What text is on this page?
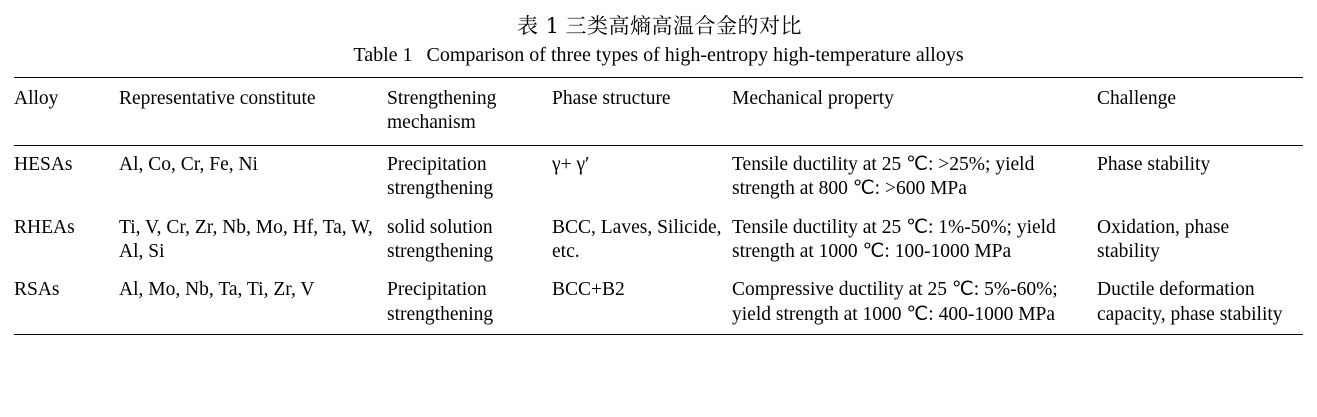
表 1 三类高熵高温合金的对比
Table 1 Comparison of three types of high-entropy high-temperature alloys
Alloy	Representative constitute	Strengthening mechanism	Phase structure	Mechanical property	Challenge
HESAs	Al, Co, Cr, Fe, Ni	Precipitation strengthening	γ+ γ′	Tensile ductility at 25 ℃: >25%; yield strength at 800 ℃: >600 MPa	Phase stability
RHEAs	Ti, V, Cr, Zr, Nb, Mo, Hf, Ta, W, Al, Si	solid solution strengthening	BCC, Laves, Silicide, etc.	Tensile ductility at 25 ℃: 1%-50%; yield strength at 1000 ℃: 100-1000 MPa	Oxidation, phase stability
RSAs	Al, Mo, Nb, Ta, Ti, Zr, V	Precipitation strengthening	BCC+B2	Compressive ductility at 25 ℃: 5%-60%; yield strength at 1000 ℃: 400-1000 MPa	Ductile deformation capacity, phase stability
